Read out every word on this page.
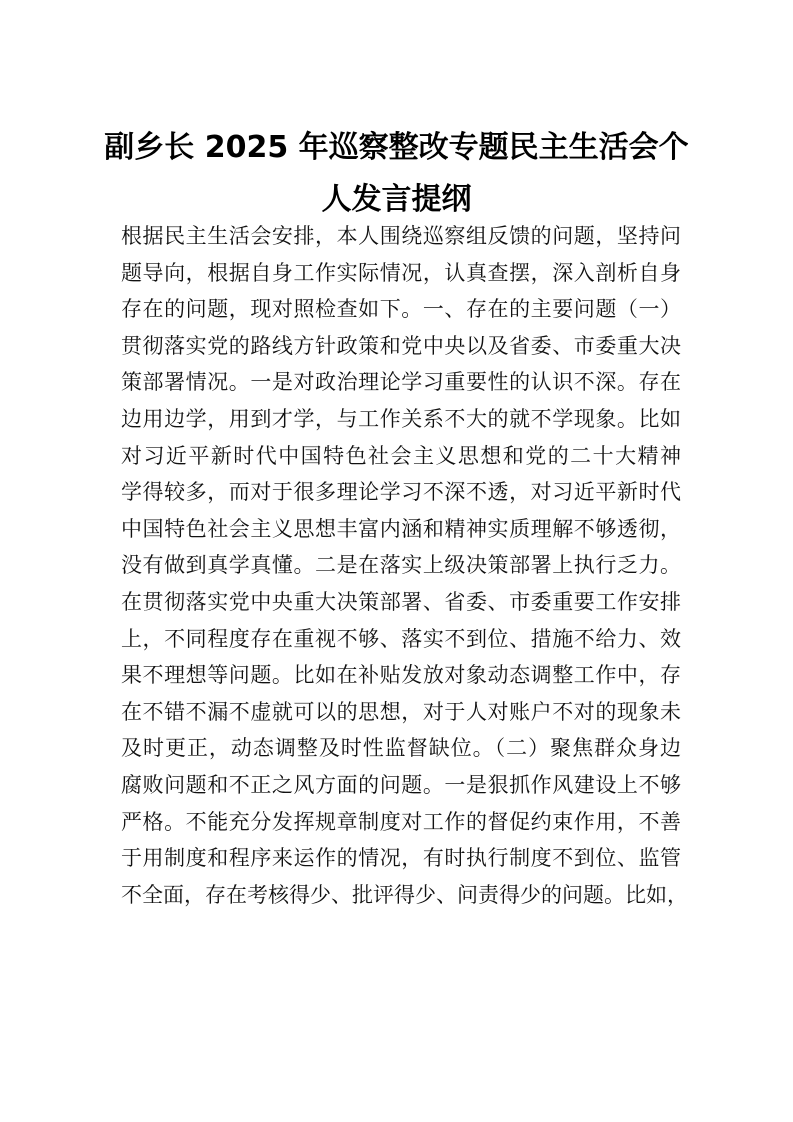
副乡长 2025 年巡察整改专题民主生活会个
人发言提纲
根据民主生活会安排，本人围绕巡察组反馈的问题，坚持问
题导向，根据自身工作实际情况，认真查摆，深入剖析自身
存在的问题，现对照检查如下。一、存在的主要问题（一）
贯彻落实党的路线方针政策和党中央以及省委、市委重大决
策部署情况。一是对政治理论学习重要性的认识不深。存在
边用边学，用到才学，与工作关系不大的就不学现象。比如
对习近平新时代中国特色社会主义思想和党的二十大精神
学得较多，而对于很多理论学习不深不透，对习近平新时代
中国特色社会主义思想丰富内涵和精神实质理解不够透彻，
没有做到真学真懂。二是在落实上级决策部署上执行乏力。
在贯彻落实党中央重大决策部署、省委、市委重要工作安排
上，不同程度存在重视不够、落实不到位、措施不给力、效
果不理想等问题。比如在补贴发放对象动态调整工作中，存
在不错不漏不虚就可以的思想，对于人对账户不对的现象未
及时更正，动态调整及时性监督缺位。（二）聚焦群众身边
腐败问题和不正之风方面的问题。一是狠抓作风建设上不够
严格。不能充分发挥规章制度对工作的督促约束作用，不善
于用制度和程序来运作的情况，有时执行制度不到位、监管
不全面，存在考核得少、批评得少、问责得少的问题。比如，
